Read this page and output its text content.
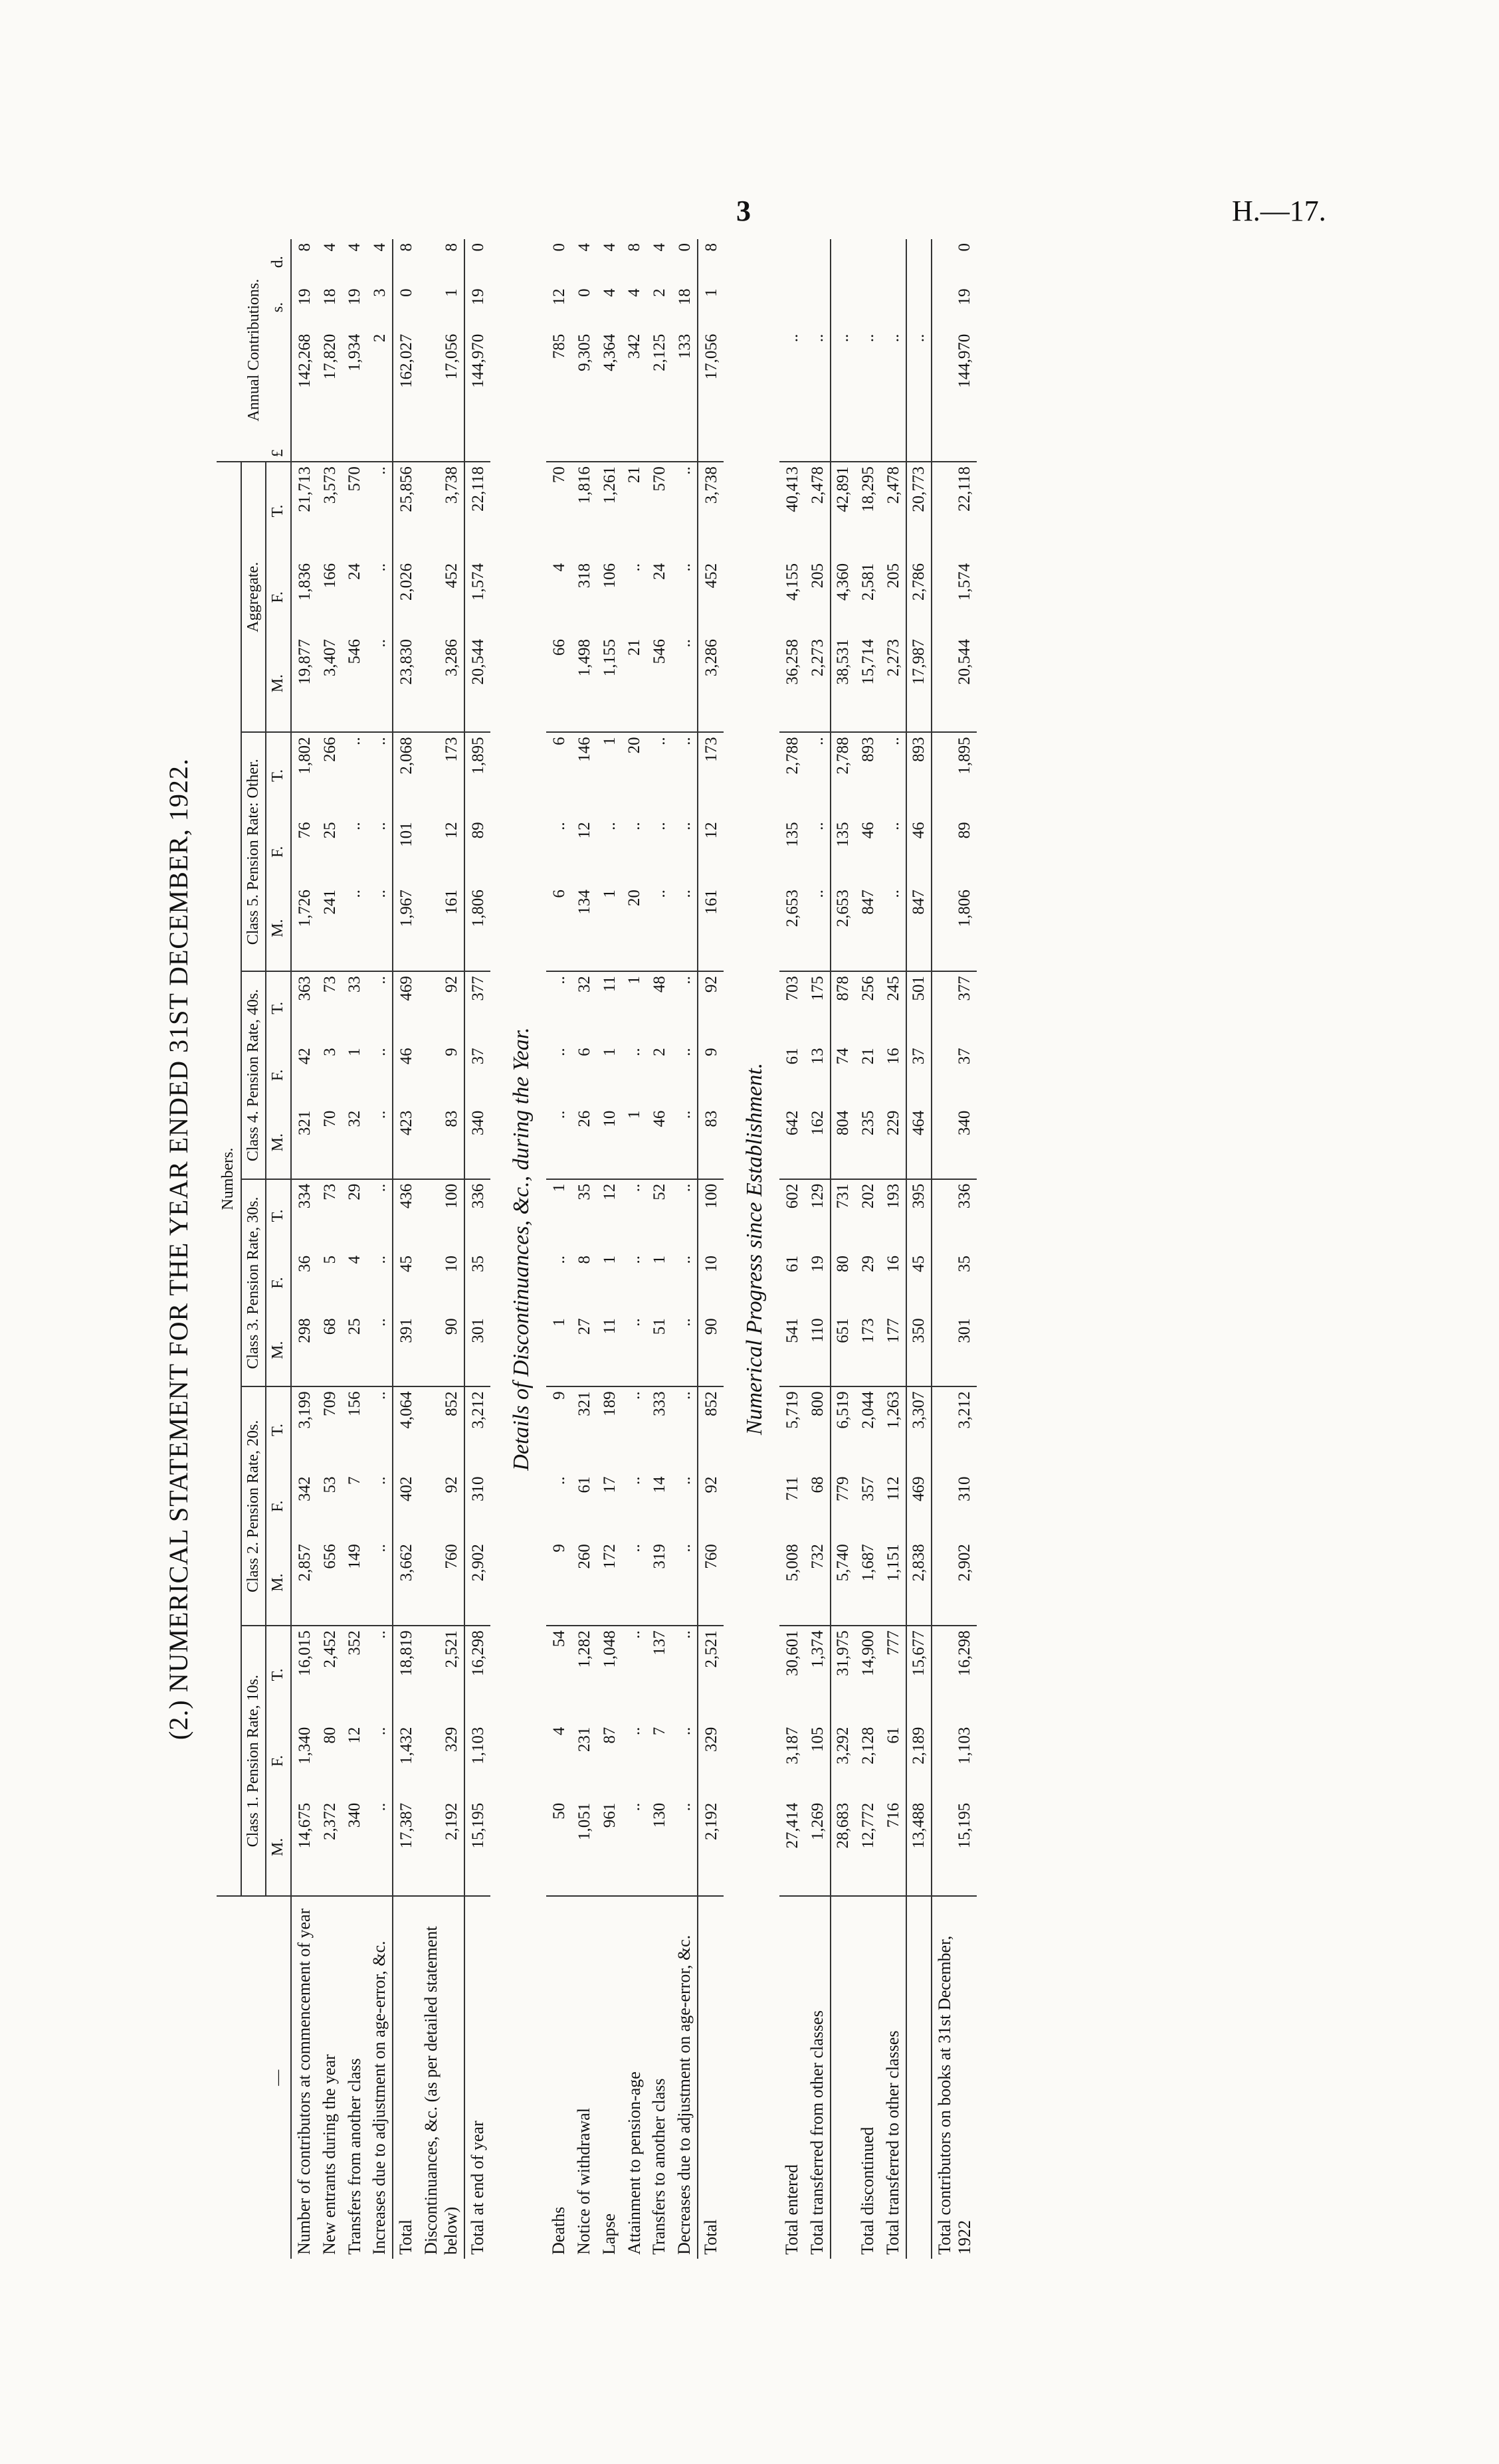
3	H.—17.
(2.) NUMERICAL STATEMENT FOR THE YEAR ENDED 31ST DECEMBER, 1922.
—	Numbers.																		Annual Contributions.		
	Class 1. Pension Rate, 10s.			Class 2. Pension Rate, 20s.			Class 3. Pension Rate, 30s.			Class 4. Pension Rate, 40s.			Class 5. Pension Rate: Other.			Aggregate.					
	M.	F.	T.	M.	F.	T.	M.	F.	T.	M.	F.	T.	M.	F.	T.	M.	F.	T.	£	s.	d.
Number of contributors at commencement of year	14,675	1,340	16,015	2,857	342	3,199	298	36	334	321	42	363	1,726	76	1,802	19,877	1,836	21,713	142,268	19	8
New entrants during the year	2,372	80	2,452	656	53	709	68	5	73	70	3	73	241	25	266	3,407	166	3,573	17,820	18	4
Transfers from another class	340	12	352	149	7	156	25	4	29	32	1	33	..	..	..	546	24	570	1,934	19	4
Increases due to adjustment on age-error, &c.	..	..	..	..	..	..	..	..	..	..	..	..	..	..	..	..	..	..	2	3	4
Total	17,387	1,432	18,819	3,662	402	4,064	391	45	436	423	46	469	1,967	101	2,068	23,830	2,026	25,856	162,027	0	8
Discontinuances, &c. (as per detailed statement below)	2,192	329	2,521	760	92	852	90	10	100	83	9	92	161	12	173	3,286	452	3,738	17,056	1	8
Total at end of year	15,195	1,103	16,298	2,902	310	3,212	301	35	336	340	37	377	1,806	89	1,895	20,544	1,574	22,118	144,970	19	0
Details of Discontinuances, &c., during the Year.																					
Deaths	50	4	54	9	..	9	1	..	1	..	..	..	6	..	6	66	4	70	785	12	0
Notice of withdrawal	1,051	231	1,282	260	61	321	27	8	35	26	6	32	134	12	146	1,498	318	1,816	9,305	0	4
Lapse	961	87	1,048	172	17	189	11	1	12	10	1	11	1	..	1	1,155	106	1,261	4,364	4	4
Attainment to pension-age	..	..	..	..	..	..	..	..	..	1	..	1	20	..	20	21	..	21	342	4	8
Transfers to another class	130	7	137	319	14	333	51	1	52	46	2	48	..	..	..	546	24	570	2,125	2	4
Decreases due to adjustment on age-error, &c.	..	..	..	..	..	..	..	..	..	..	..	..	..	..	..	..	..	..	133	18	0
Total	2,192	329	2,521	760	92	852	90	10	100	83	9	92	161	12	173	3,286	452	3,738	17,056	1	8
Numerical Progress since Establishment.																					
Total entered	27,414	3,187	30,601	5,008	711	5,719	541	61	602	642	61	703	2,653	135	2,788	36,258	4,155	40,413	..		
Total transferred from other classes	1,269	105	1,374	732	68	800	110	19	129	162	13	175	..	..	..	2,273	205	2,478	..		
	28,683	3,292	31,975	5,740	779	6,519	651	80	731	804	74	878	2,653	135	2,788	38,531	4,360	42,891	..		
Total discontinued	12,772	2,128	14,900	1,687	357	2,044	173	29	202	235	21	256	847	46	893	15,714	2,581	18,295	..		
Total transferred to other classes	716	61	777	1,151	112	1,263	177	16	193	229	16	245	..	..	..	2,273	205	2,478	..		
	13,488	2,189	15,677	2,838	469	3,307	350	45	395	464	37	501	847	46	893	17,987	2,786	20,773	..		
Total contributors on books at 31st December, 1922	15,195	1,103	16,298	2,902	310	3,212	301	35	336	340	37	377	1,806	89	1,895	20,544	1,574	22,118	144,970	19	0
